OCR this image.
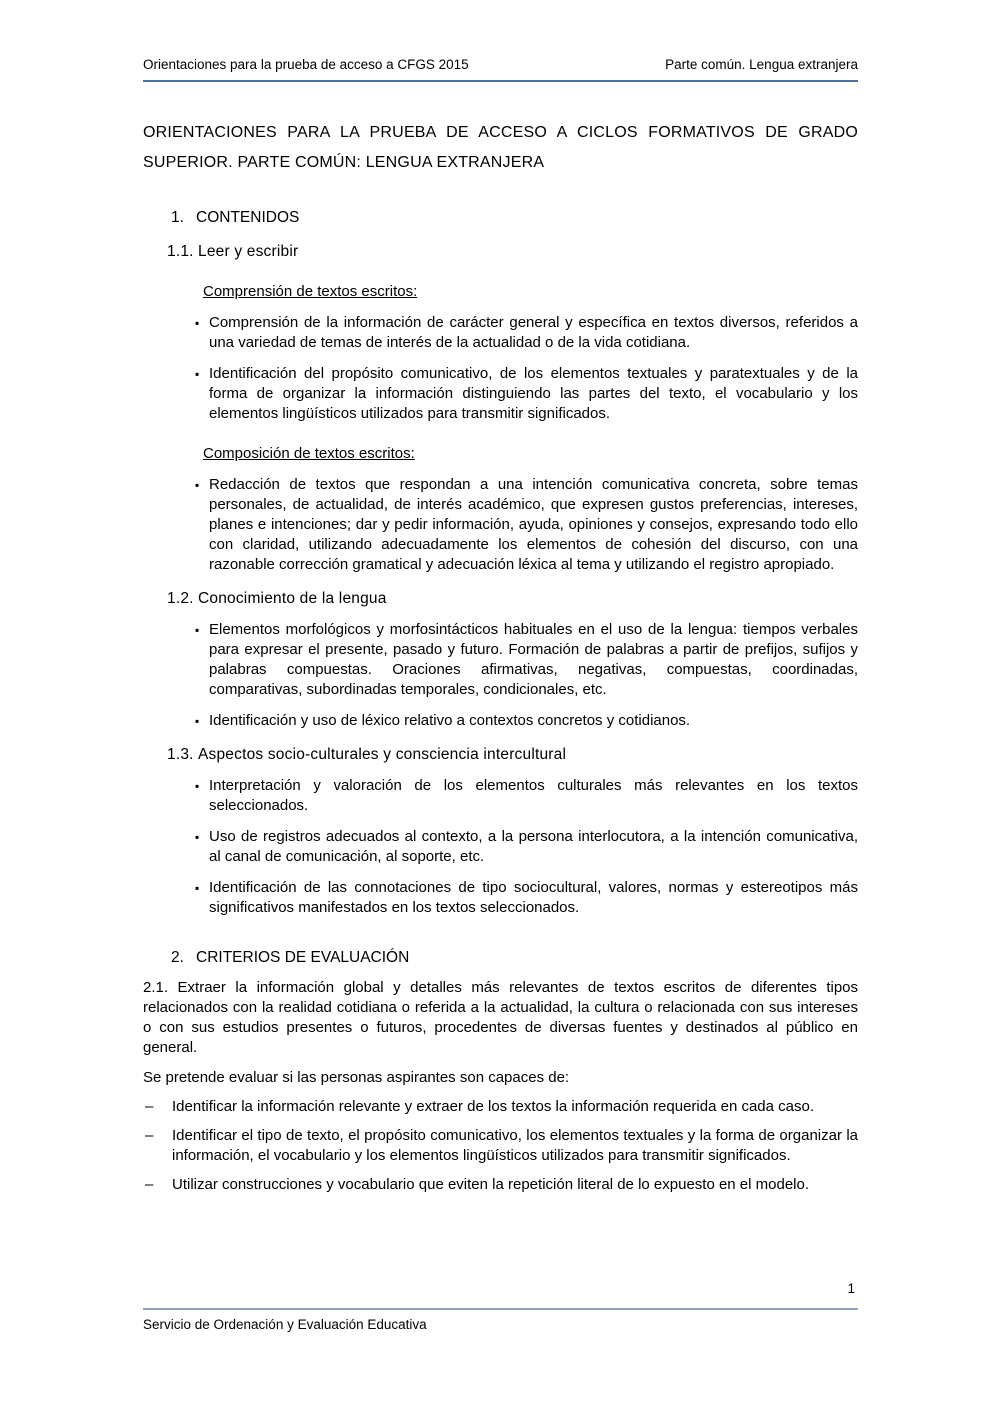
Orientaciones para la prueba de acceso a CFGS 2015	Parte común. Lengua extranjera
ORIENTACIONES PARA LA PRUEBA DE ACCESO A CICLOS FORMATIVOS DE GRADO SUPERIOR. PARTE COMÚN: LENGUA EXTRANJERA
1. CONTENIDOS
1.1. Leer y escribir

Comprensión de textos escritos:

▪ Comprensión de la información de carácter general y específica en textos diversos, referidos a una variedad de temas de interés de la actualidad o de la vida cotidiana.

▪ Identificación del propósito comunicativo, de los elementos textuales y paratextuales y de la forma de organizar la información distinguiendo las partes del texto, el vocabulario y los elementos lingüísticos utilizados para transmitir significados.

Composición de textos escritos:

▪ Redacción de textos que respondan a una intención comunicativa concreta, sobre temas personales, de actualidad, de interés académico, que expresen gustos preferencias, intereses, planes e intenciones; dar y pedir información, ayuda, opiniones y consejos, expresando todo ello con claridad, utilizando adecuadamente los elementos de cohesión del discurso, con una razonable corrección gramatical y adecuación léxica al tema y utilizando el registro apropiado.

1.2. Conocimiento de la lengua
▪ Elementos morfológicos y morfosintácticos habituales en el uso de la lengua: tiempos verbales para expresar el presente, pasado y futuro. Formación de palabras a partir de prefijos, sufijos y palabras compuestas. Oraciones afirmativas, negativas, compuestas, coordinadas, comparativas, subordinadas temporales, condicionales, etc.

▪ Identificación y uso de léxico relativo a contextos concretos y cotidianos.

1.3. Aspectos socio-culturales y consciencia intercultural
▪ Interpretación y valoración de los elementos culturales más relevantes en los textos seleccionados.

▪ Uso de registros adecuados al contexto, a la persona interlocutora, a la intención comunicativa, al canal de comunicación, al soporte, etc.

▪ Identificación de las connotaciones de tipo sociocultural, valores, normas y estereotipos más significativos manifestados en los textos seleccionados.

2. CRITERIOS DE EVALUACIÓN

2.1. Extraer la información global y detalles más relevantes de textos escritos de diferentes tipos relacionados con la realidad cotidiana o referida a la actualidad, la cultura o relacionada con sus intereses o con sus estudios presentes o futuros, procedentes de diversas fuentes y destinados al público en general.

Se pretende evaluar si las personas aspirantes son capaces de:

–	Identificar la información relevante y extraer de los textos la información requerida en cada caso.

–	Identificar el tipo de texto, el propósito comunicativo, los elementos textuales y la forma de organizar la información, el vocabulario y los elementos lingüísticos utilizados para transmitir significados.

–	Utilizar construcciones y vocabulario que eviten la repetición literal de lo expuesto en el modelo.

1
Servicio de Ordenación y Evaluación Educativa
